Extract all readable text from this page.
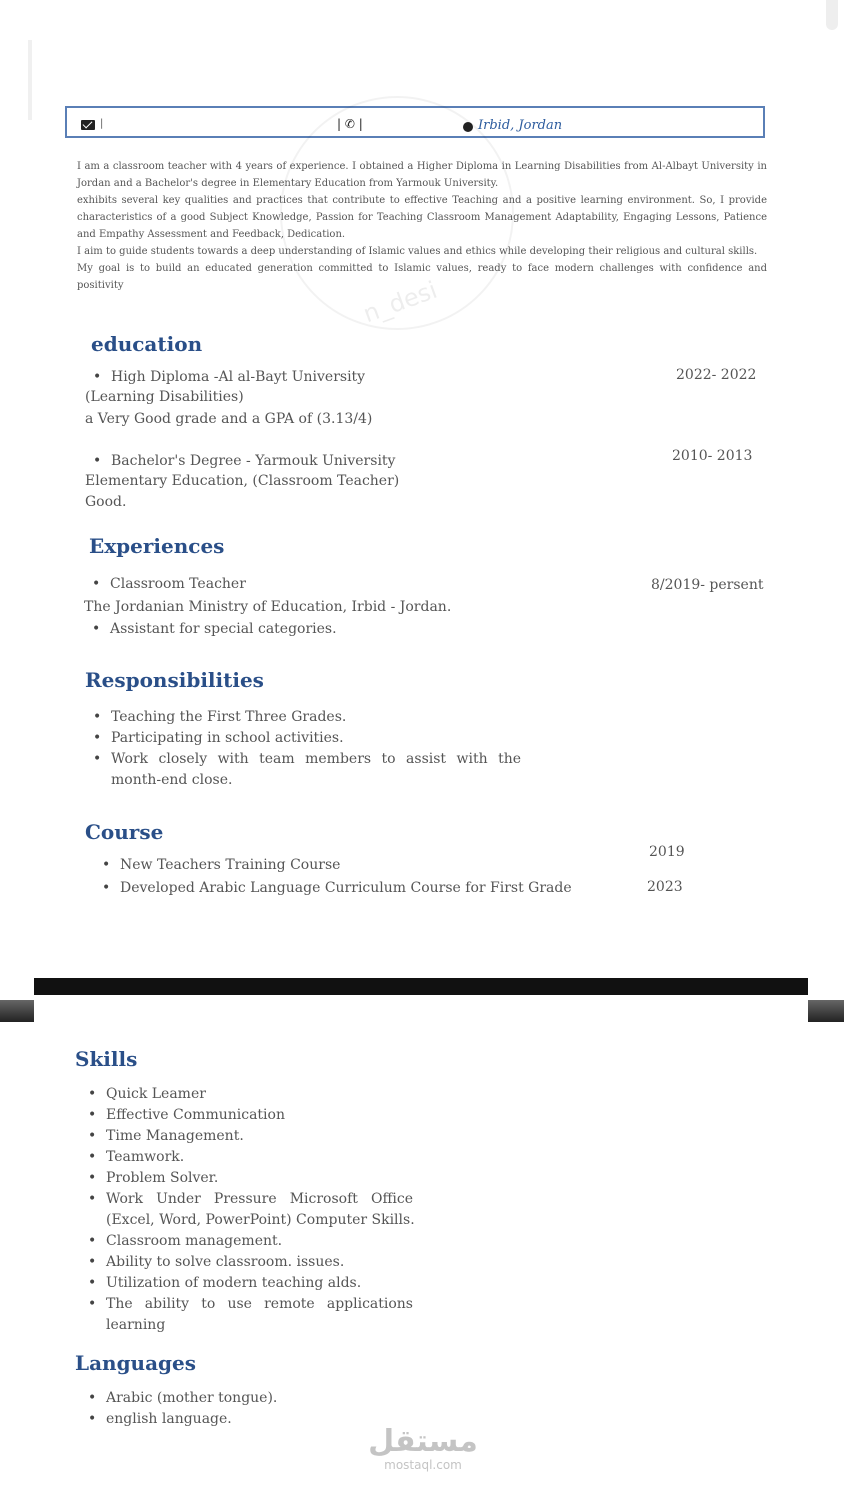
|	| ✆ |	Irbid, Jordan
n_desi

I am a classroom teacher with 4 years of experience. I obtained a Higher Diploma in Learning Disabilities from Al-Albayt University in Jordan and a Bachelor's degree in Elementary Education from Yarmouk University.

exhibits several key qualities and practices that contribute to effective Teaching and a positive learning environment. So, I provide characteristics of a good Subject Knowledge, Passion for Teaching Classroom Management Adaptability, Engaging Lessons, Patience and Empathy Assessment and Feedback, Dedication.

I aim to guide students towards a deep understanding of Islamic values and ethics while developing their religious and cultural skills.

My goal is to build an educated generation committed to Islamic values, ready to face modern challenges with confidence and positivity

education

• High Diploma -Al al-Bayt University

(Learning Disabilities)

a Very Good grade and a GPA of (3.13/4)

2022- 2022

• Bachelor's Degree - Yarmouk University

Elementary Education, (Classroom Teacher)

Good.

2010- 2013
Experiences

• Classroom Teacher	8/2019- persent

The Jordanian Ministry of Education, Irbid - Jordan.

• Assistant for special categories.

Responsibilities

• Teaching the First Three Grades.

• Participating in school activities.

• Work closely with team members to assist with the

month-end close.

Course

• New Teachers Training Course

2019

• Developed Arabic Language Curriculum Course for First Grade	2023
Skills

• Quick Leamer

• Effective Communication

• Time Management.

• Teamwork.

• Problem Solver.

• Work Under Pressure Microsoft Office

(Excel, Word, PowerPoint) Computer Skills.

• Classroom management.

• Ability to solve classroom. issues.

• Utilization of modern teaching alds.

• The ability to use remote applications

learning

Languages

• Arabic (mother tongue).

• english language.

مستقل
mostaql.com
